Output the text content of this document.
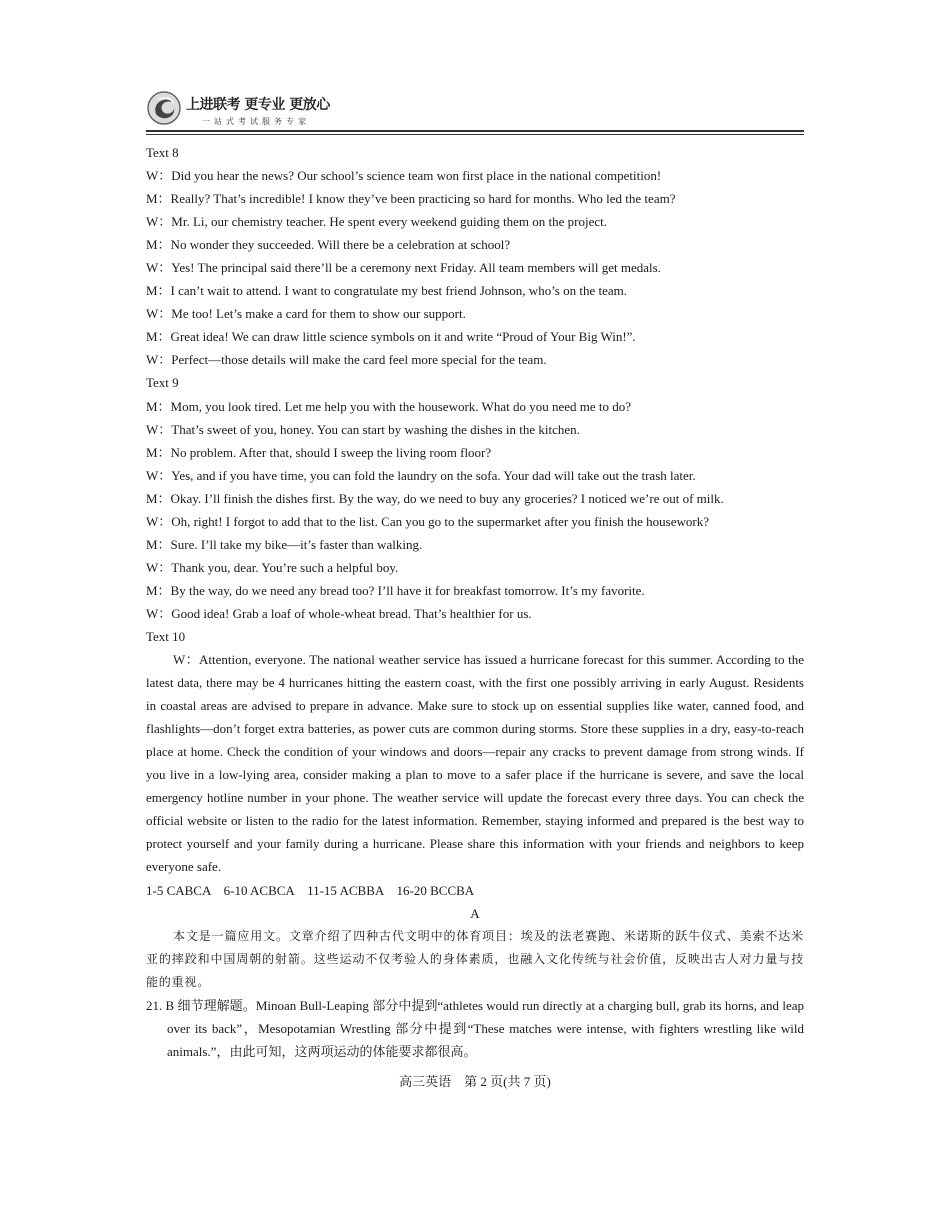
上进联考 更专业 更放心
一站式考试服务专家
Text 8
W：Did you hear the news? Our school’s science team won first place in the national competition!
M：Really? That’s incredible! I know they’ve been practicing so hard for months. Who led the team?
W：Mr. Li, our chemistry teacher. He spent every weekend guiding them on the project.
M：No wonder they succeeded. Will there be a celebration at school?
W：Yes! The principal said there’ll be a ceremony next Friday. All team members will get medals.
M：I can’t wait to attend. I want to congratulate my best friend Johnson, who’s on the team.
W：Me too! Let’s make a card for them to show our support.
M：Great idea! We can draw little science symbols on it and write “Proud of Your Big Win!”.
W：Perfect—those details will make the card feel more special for the team.
Text 9
M：Mom, you look tired. Let me help you with the housework. What do you need me to do?
W：That’s sweet of you, honey. You can start by washing the dishes in the kitchen.
M：No problem. After that, should I sweep the living room floor?
W：Yes, and if you have time, you can fold the laundry on the sofa. Your dad will take out the trash later.
M：Okay. I’ll finish the dishes first. By the way, do we need to buy any groceries? I noticed we’re out of milk.
W：Oh, right! I forgot to add that to the list. Can you go to the supermarket after you finish the housework?
M：Sure. I’ll take my bike—it’s faster than walking.
W：Thank you, dear. You’re such a helpful boy.
M：By the way, do we need any bread too? I’ll have it for breakfast tomorrow. It’s my favorite.
W：Good idea! Grab a loaf of whole-wheat bread. That’s healthier for us.
Text 10

W：Attention, everyone. The national weather service has issued a hurricane forecast for this summer. According to the latest data, there may be 4 hurricanes hitting the eastern coast, with the first one possibly arriving in early August. Residents in coastal areas are advised to prepare in advance. Make sure to stock up on essential supplies like water, canned food, and flashlights—don’t forget extra batteries, as power cuts are common during storms. Store these supplies in a dry, easy-to-reach place at home. Check the condition of your windows and doors—repair any cracks to prevent damage from strong winds. If you live in a low-lying area, consider making a plan to move to a safer place if the hurricane is severe, and save the local emergency hotline number in your phone. The weather service will update the forecast every three days. You can check the official website or listen to the radio for the latest information. Remember, staying informed and prepared is the best way to protect yourself and your family during a hurricane. Please share this information with your friends and neighbors to keep everyone safe.

1-5 CABCA    6-10 ACBCA    11-15 ACBBA    16-20 BCCBA
A

本文是一篇应用文。文章介绍了四种古代文明中的体育项目：埃及的法老赛跑、米诺斯的跃牛仪式、美索不达米亚的摔跤和中国周朝的射箭。这些运动不仅考验人的身体素质，也融入文化传统与社会价值，反映出古人对力量与技能的重视。

21. B 细节理解题。Minoan Bull-Leaping 部分中提到“athletes would run directly at a charging bull, grab its horns, and leap over its back”，Mesopotamian Wrestling 部分中提到“These matches were intense, with fighters wrestling like wild animals.”，由此可知，这两项运动的体能要求都很高。

高三英语　第 2 页(共 7 页)
